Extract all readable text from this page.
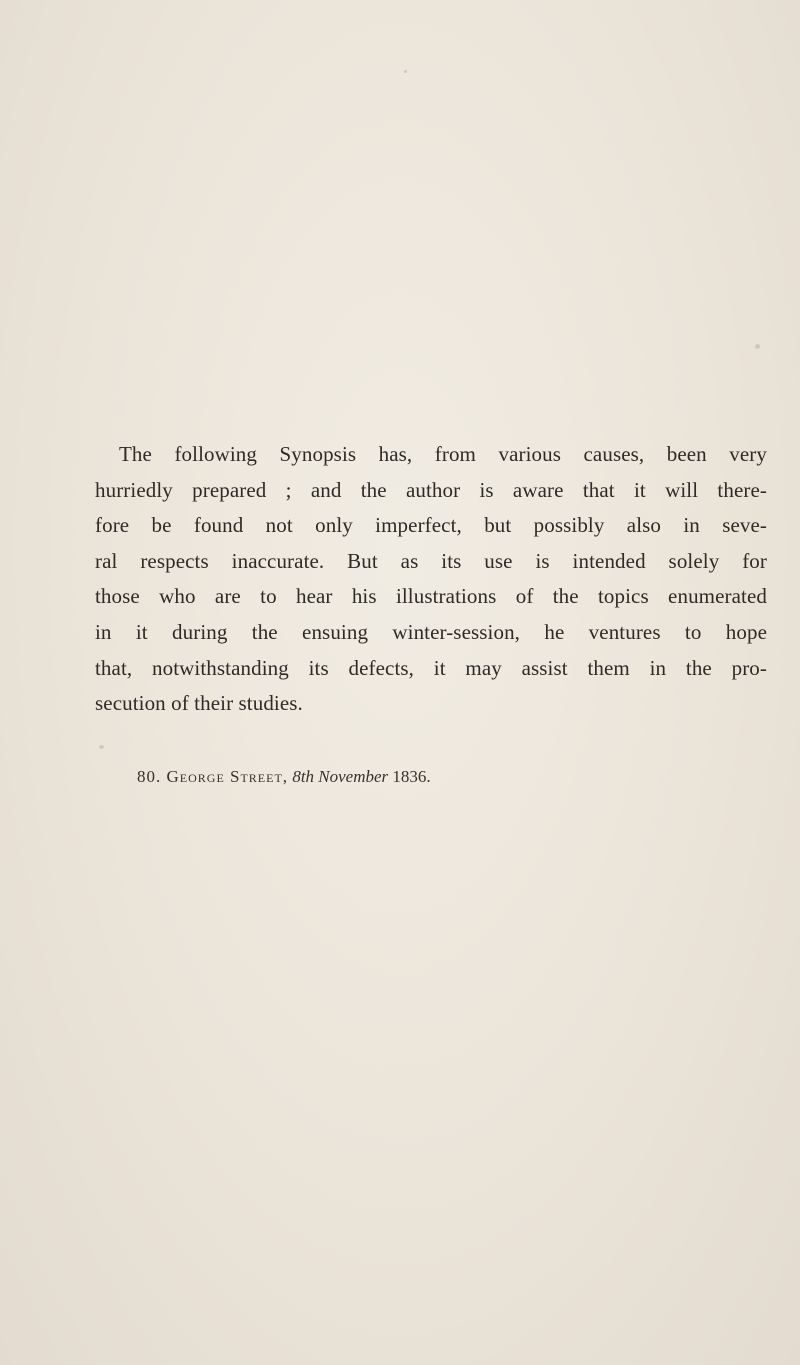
The following Synopsis has, from various causes, been very
hurriedly prepared ; and the author is aware that it will there-
fore be found not only imperfect, but possibly also in seve-
ral respects inaccurate. But as its use is intended solely for
those who are to hear his illustrations of the topics enumerated
in it during the ensuing winter-session, he ventures to hope
that, notwithstanding its defects, it may assist them in the pro-
secution of their studies.
80. George Street, 8th November 1836.
